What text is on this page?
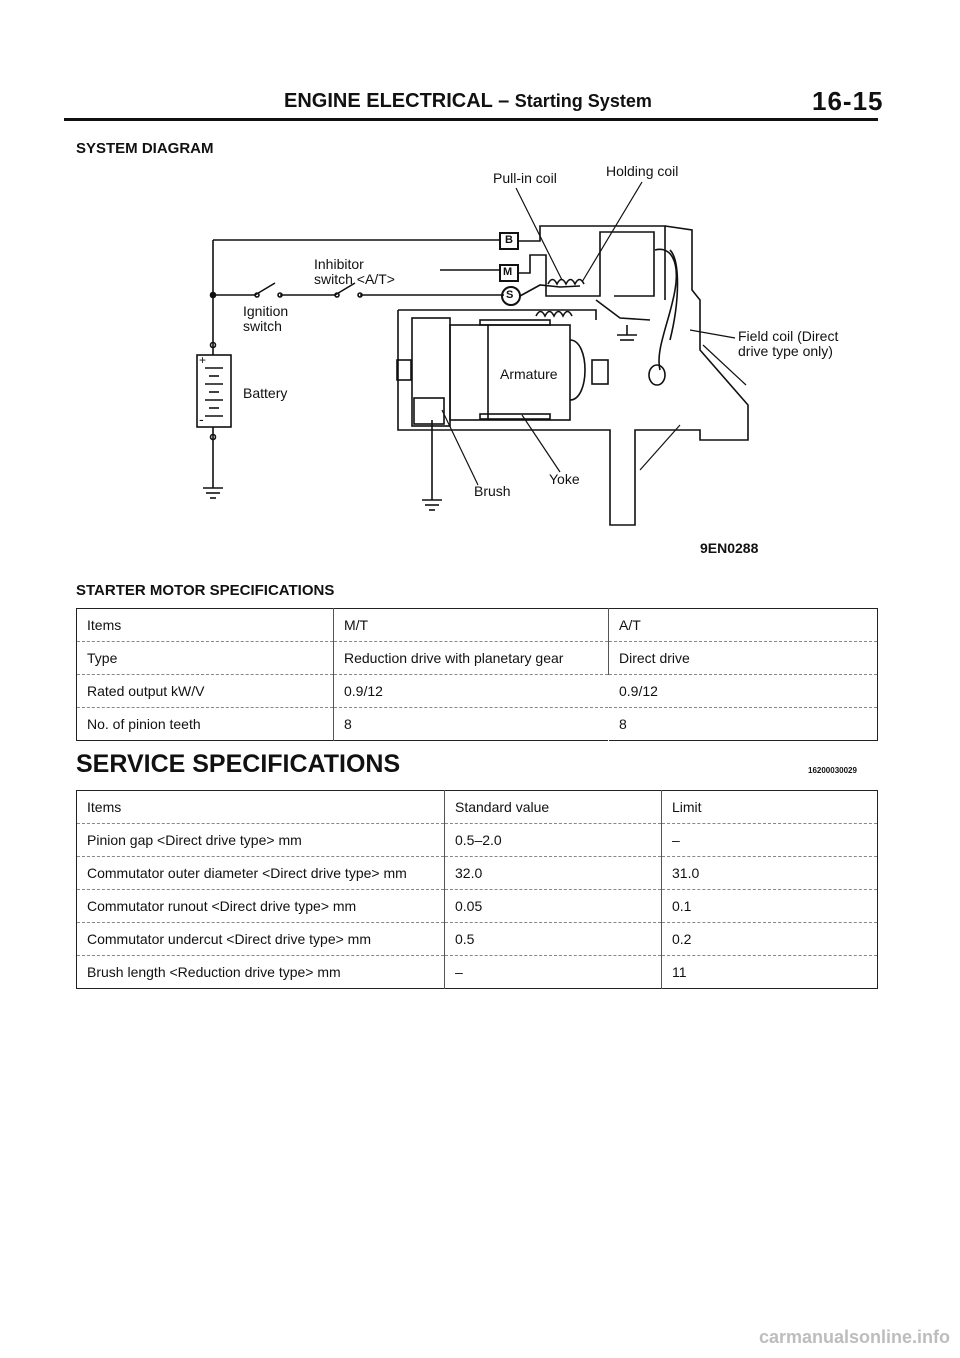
ENGINE ELECTRICAL – Starting System	16-15
SYSTEM DIAGRAM
+
-
Pull-in coil	Holding coil
Inhibitor
switch <A/T>
Ignition
switch
Battery
Armature
Field coil (Direct
drive type only)
Brush
Yoke
B
M
S
9EN0288
STARTER MOTOR SPECIFICATIONS
Items	M/T	A/T
Type	Reduction drive with planetary gear	Direct drive
Rated output kW/V	0.9/12	0.9/12
No. of pinion teeth	8	8
SERVICE SPECIFICATIONS	16200030029
Items	Standard value	Limit
Pinion gap <Direct drive type> mm	0.5–2.0	–
Commutator outer diameter <Direct drive type> mm	32.0	31.0
Commutator runout <Direct drive type> mm	0.05	0.1
Commutator undercut <Direct drive type> mm	0.5	0.2
Brush length <Reduction drive type> mm	–	11
carmanualsonline.info
